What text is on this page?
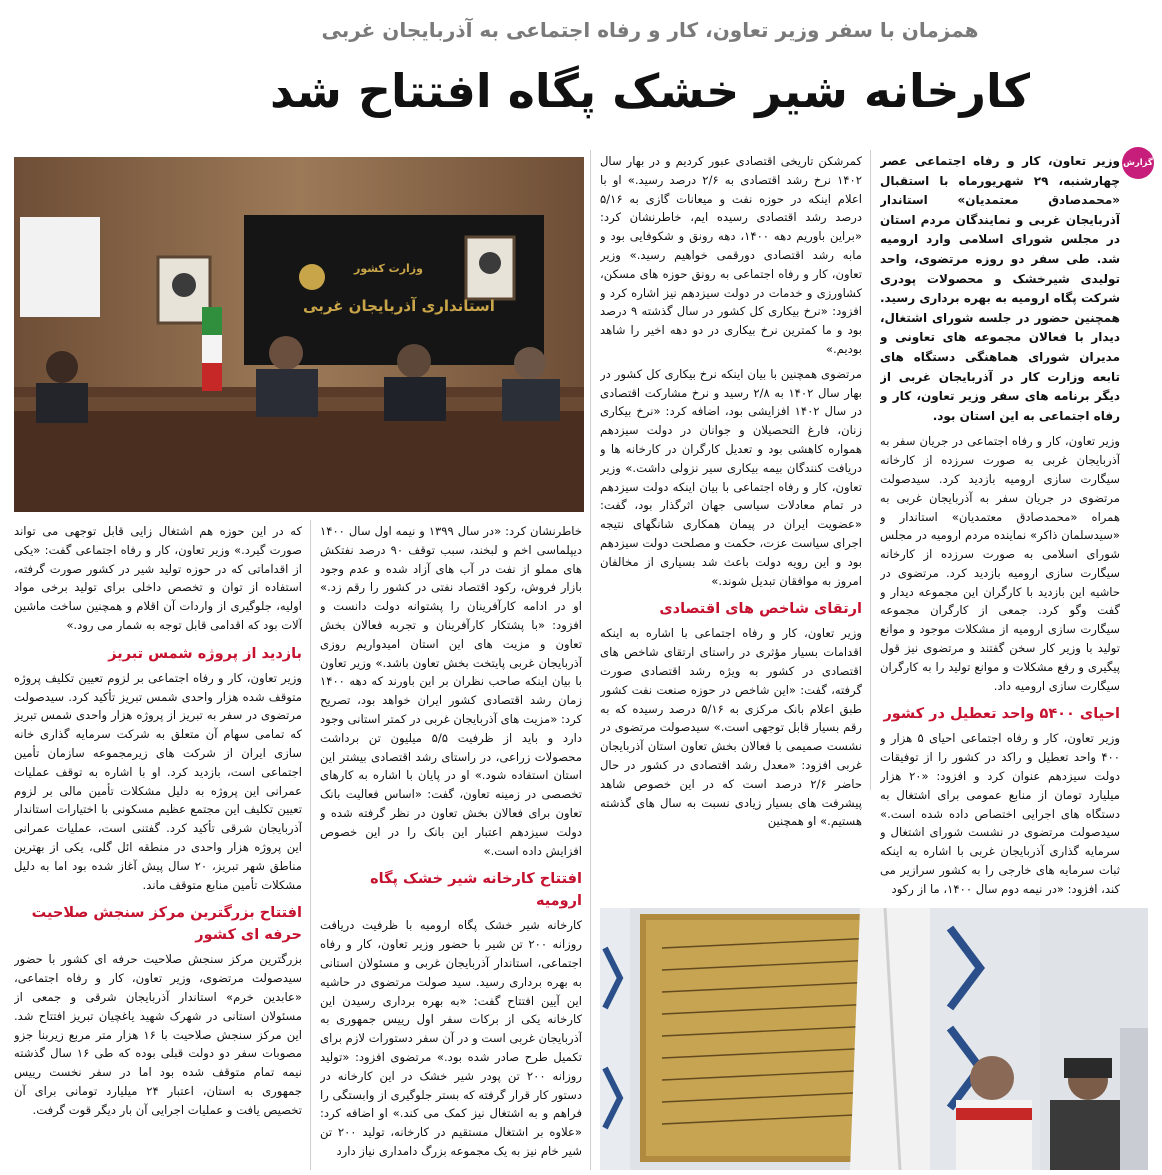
همزمان با سفر وزیر تعاون، کار و رفاه اجتماعی به آذربایجان غربی
کارخانه شیر خشک پگاه افتتاح شد
گزارش

وزیر تعاون، کار و رفاه اجتماعی عصر چهارشنبه، ۲۹ شهریورماه با استقبال «محمدصادق معتمدیان» استاندار آذربایجان غربی و نمایندگان مردم استان در مجلس شورای اسلامی وارد ارومیه شد. طی سفر دو روزه مرتضوی، واحد تولیدی شیرخشک و محصولات پودری شرکت پگاه ارومیه به بهره برداری رسید. همچنین حضور در جلسه شورای اشتغال، دیدار با فعالان مجموعه های تعاونی و مدیران شورای هماهنگی دستگاه های تابعه وزارت کار در آذربایجان غربی از دیگر برنامه های سفر وزیر تعاون، کار و رفاه اجتماعی به این استان بود.

وزیر تعاون، کار و رفاه اجتماعی در جریان سفر به آذربایجان غربی به صورت سرزده از کارخانه سیگارت سازی ارومیه بازدید کرد. سیدصولت مرتضوی در جریان سفر به آذربایجان غربی به همراه «محمدصادق معتمدیان» استاندار و «سیدسلمان ذاکر» نماینده مردم ارومیه در مجلس شورای اسلامی به صورت سرزده از کارخانه سیگارت سازی ارومیه بازدید کرد. مرتضوی در حاشیه این بازدید با کارگران این مجموعه دیدار و گفت وگو کرد. جمعی از کارگران مجموعه سیگارت سازی ارومیه از مشکلات موجود و موانع تولید با وزیر کار سخن گفتند و مرتضوی نیز قول پیگیری و رفع مشکلات و موانع تولید را به کارگران سیگارت سازی ارومیه داد.

احیای ۵۴۰۰ واحد تعطیل در کشور

وزیر تعاون، کار و رفاه اجتماعی احیای ۵ هزار و ۴۰۰ واحد تعطیل و راکد در کشور را از توفیقات دولت سیزدهم عنوان کرد و افزود: «۲۰ هزار میلیارد تومان از منابع عمومی برای اشتغال به دستگاه های اجرایی اختصاص داده شده است.» سیدصولت مرتضوی در نشست شورای اشتغال و سرمایه گذاری آذربایجان غربی با اشاره به اینکه ثبات سرمایه های خارجی را به کشور سرازیر می کند، افزود: «در نیمه دوم سال ۱۴۰۰، ما از رکود

کمرشکن تاریخی اقتصادی عبور کردیم و در بهار سال ۱۴۰۲ نرخ رشد اقتصادی به ۲/۶ درصد رسید.» او با اعلام اینکه در حوزه نفت و میعانات گازی به ۵/۱۶ درصد رشد اقتصادی رسیده ایم، خاطرنشان کرد: «براین باوریم دهه ۱۴۰۰، دهه رونق و شکوفایی بود و مابه رشد اقتصادی دورقمی خواهیم رسید.» وزیر تعاون، کار و رفاه اجتماعی به رونق حوزه های مسکن، کشاورزی و خدمات در دولت سیزدهم نیز اشاره کرد و افزود: «نرخ بیکاری کل کشور در سال گذشته ۹ درصد بود و ما کمترین نرخ بیکاری در دو دهه اخیر را شاهد بودیم.»

مرتضوی همچنین با بیان اینکه نرخ بیکاری کل کشور در بهار سال ۱۴۰۲ به ۲/۸ رسید و نرخ مشارکت اقتصادی در سال ۱۴۰۲ افزایشی بود، اضافه کرد: «نرخ بیکاری زنان، فارغ التحصیلان و جوانان در دولت سیزدهم همواره کاهشی بود و تعدیل کارگران در کارخانه ها و دریافت کنندگان بیمه بیکاری سیر نزولی داشت.» وزیر تعاون، کار و رفاه اجتماعی با بیان اینکه دولت سیزدهم در تمام معادلات سیاسی جهان اثرگذار بود، گفت: «عضویت ایران در پیمان همکاری شانگهای نتیجه اجرای سیاست عزت، حکمت و مصلحت دولت سیزدهم بود و این رویه دولت باعث شد بسیاری از مخالفان امروز به موافقان تبدیل شوند.»

ارتقای شاخص های اقتصادی

وزیر تعاون، کار و رفاه اجتماعی با اشاره به اینکه اقدامات بسیار مؤثری در راستای ارتقای شاخص های اقتصادی در کشور به ویژه رشد اقتصادی صورت گرفته، گفت: «این شاخص در حوزه صنعت نفت کشور طبق اعلام بانک مرکزی به ۵/۱۶ درصد رسیده که به رقم بسیار قابل توجهی است.» سیدصولت مرتضوی در نشست صمیمی با فعالان بخش تعاون استان آذربایجان غربی افزود: «معدل رشد اقتصادی در کشور در حال حاضر ۲/۶ درصد است که در این خصوص شاهد پیشرفت های بسیار زیادی نسبت به سال های گذشته هستیم.» او همچنین

خاطرنشان کرد: «در سال ۱۳۹۹ و نیمه اول سال ۱۴۰۰ دیپلماسی اخم و لبخند، سبب توقف ۹۰ درصد نفتکش های مملو از نفت در آب های آزاد شده و عدم وجود بازار فروش، رکود اقتصاد نفتی در کشور را رقم زد.» او در ادامه کارآفرینان را پشتوانه دولت دانست و افزود: «با پشتکار کارآفرینان و تجربه فعالان بخش تعاون و مزیت های این استان امیدواریم روزی آذربایجان غربی پایتخت بخش تعاون باشد.» وزیر تعاون با بیان اینکه صاحب نظران بر این باورند که دهه ۱۴۰۰ زمان رشد اقتصادی کشور ایران خواهد بود، تصریح کرد: «مزیت های آذربایجان غربی در کمتر استانی وجود دارد و باید از ظرفیت ۵/۵ میلیون تن برداشت محصولات زراعی، در راستای رشد اقتصادی بیشتر این استان استفاده شود.» او در پایان با اشاره به کارهای تخصصی در زمینه تعاون، گفت: «اساس فعالیت بانک تعاون برای فعالان بخش تعاون در نظر گرفته شده و دولت سیزدهم اعتبار این بانک را در این خصوص افزایش داده است.»

افتتاح کارخانه شیر خشک پگاه ارومیه

کارخانه شیر خشک پگاه ارومیه با ظرفیت دریافت روزانه ۲۰۰ تن شیر با حضور وزیر تعاون، کار و رفاه اجتماعی، استاندار آذربایجان غربی و مسئولان استانی به بهره برداری رسید. سید صولت مرتضوی در حاشیه این آیین افتتاح گفت: «به بهره برداری رسیدن این کارخانه یکی از برکات سفر اول رییس جمهوری به آذربایجان غربی است و در آن سفر دستورات لازم برای تکمیل طرح صادر شده بود.» مرتضوی افزود: «تولید روزانه ۲۰۰ تن پودر شیر خشک در این کارخانه در دستور کار قرار گرفته که بستر جلوگیری از وابستگی را فراهم و به اشتغال نیز کمک می کند.» او اضافه کرد: «علاوه بر اشتغال مستقیم در کارخانه، تولید ۲۰۰ تن شیر خام نیز به یک مجموعه بزرگ دامداری نیاز دارد

که در این حوزه هم اشتغال زایی قابل توجهی می تواند صورت گیرد.» وزیر تعاون، کار و رفاه اجتماعی گفت: «یکی از اقداماتی که در حوزه تولید شیر در کشور صورت گرفته، استفاده از توان و تخصص داخلی برای تولید برخی مواد اولیه، جلوگیری از واردات آن اقلام و همچنین ساخت ماشین آلات بود که اقدامی قابل توجه به شمار می رود.»

بازدید از پروژه شمس تبریز

وزیر تعاون، کار و رفاه اجتماعی بر لزوم تعیین تکلیف پروژه متوقف شده هزار واحدی شمس تبریز تأکید کرد. سیدصولت مرتضوی در سفر به تبریز از پروژه هزار واحدی شمس تبریز که تمامی سهام آن متعلق به شرکت سرمایه گذاری خانه سازی ایران از شرکت های زیرمجموعه سازمان تأمین اجتماعی است، بازدید کرد. او با اشاره به توقف عملیات عمرانی این پروژه به دلیل مشکلات تأمین مالی بر لزوم تعیین تکلیف این مجتمع عظیم مسکونی با اختیارات استاندار آذربایجان شرقی تأکید کرد. گفتنی است، عملیات عمرانی این پروژه هزار واحدی در منطقه ائل گلی، یکی از بهترین مناطق شهر تبریز، ۲۰ سال پیش آغاز شده بود اما به دلیل مشکلات تأمین منابع متوقف ماند.

افتتاح بزرگترین مرکز سنجش صلاحیت حرفه ای کشور

بزرگترین مرکز سنجش صلاحیت حرفه ای کشور با حضور سیدصولت مرتضوی، وزیر تعاون، کار و رفاه اجتماعی، «عابدین خرم» استاندار آذربایجان شرقی و جمعی از مسئولان استانی در شهرک شهید یاغچیان تبریز افتتاح شد. این مرکز سنجش صلاحیت با ۱۶ هزار متر مربع زیربنا جزو مصوبات سفر دو دولت قبلی بوده که طی ۱۶ سال گذشته نیمه تمام متوقف شده بود اما در سفر نخست رییس جمهوری به استان، اعتبار ۲۴ میلیارد تومانی برای آن تخصیص یافت و عملیات اجرایی آن بار دیگر قوت گرفت.

وزارت کشور
استانداری آذربایجان غربی
